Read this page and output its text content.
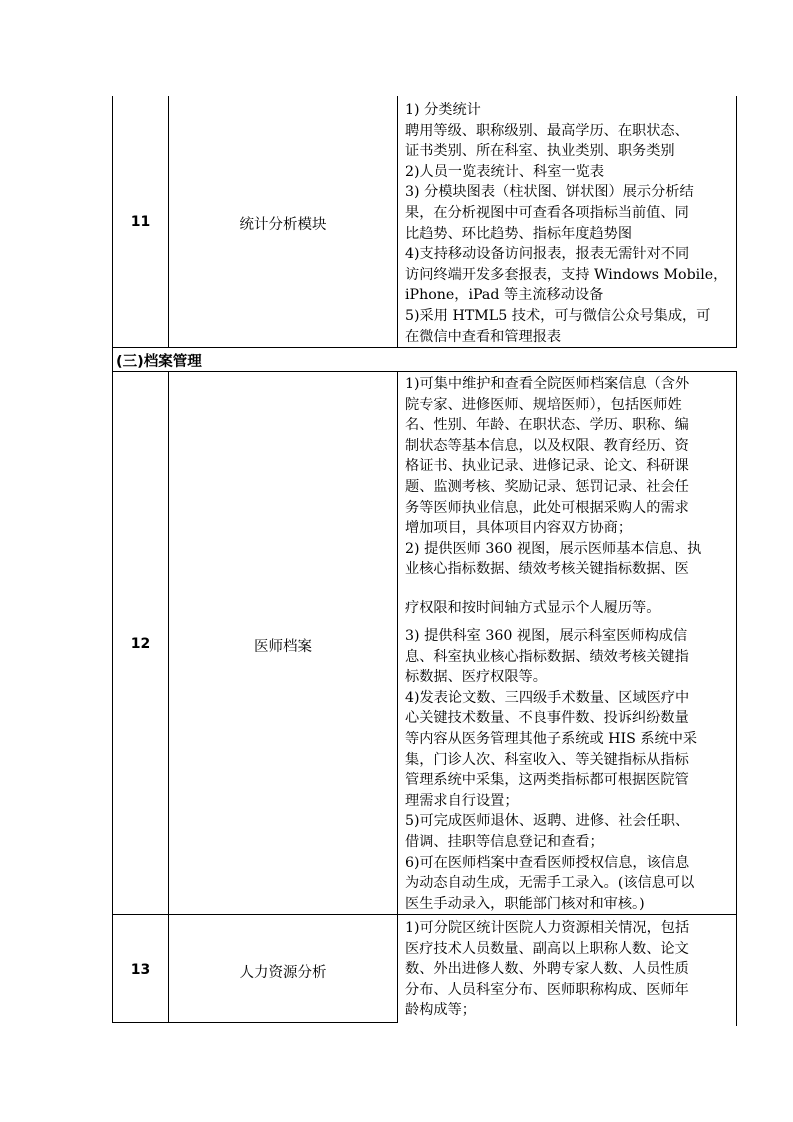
11	统计分析模块
1) 分类统计
聘用等级、职称级别、最高学历、在职状态、
证书类别、所在科室、执业类别、职务类别
2)人员一览表统计、科室一览表
3) 分模块图表（柱状图、饼状图）展示分析结
果，在分析视图中可查看各项指标当前值、同
比趋势、环比趋势、指标年度趋势图
4)支持移动设备访问报表，报表无需针对不同
访问终端开发多套报表，支持 Windows Mobile，
iPhone，iPad 等主流移动设备
5)采用 HTML5 技术，可与微信公众号集成，可
在微信中查看和管理报表
(三)档案管理
12	医师档案
1)可集中维护和查看全院医师档案信息（含外
院专家、进修医师、规培医师），包括医师姓
名、性别、年龄、在职状态、学历、职称、编
制状态等基本信息，以及权限、教育经历、资
格证书、执业记录、进修记录、论文、科研课
题、监测考核、奖励记录、惩罚记录、社会任
务等医师执业信息，此处可根据采购人的需求
增加项目，具体项目内容双方协商；
2) 提供医师 360 视图，展示医师基本信息、执
业核心指标数据、绩效考核关键指标数据、医
疗权限和按时间轴方式显示个人履历等。
3) 提供科室 360 视图，展示科室医师构成信
息、科室执业核心指标数据、绩效考核关键指
标数据、医疗权限等。
4)发表论文数、三四级手术数量、区域医疗中
心关键技术数量、不良事件数、投诉纠纷数量
等内容从医务管理其他子系统或 HIS 系统中采
集，门诊人次、科室收入、等关键指标从指标
管理系统中采集，这两类指标都可根据医院管
理需求自行设置；
5)可完成医师退休、返聘、进修、社会任职、
借调、挂职等信息登记和查看；
6)可在医师档案中查看医师授权信息，该信息
为动态自动生成，无需手工录入。(该信息可以
医生手动录入，职能部门核对和审核。)
13	人力资源分析
1)可分院区统计医院人力资源相关情况，包括
医疗技术人员数量、副高以上职称人数、论文
数、外出进修人数、外聘专家人数、人员性质
分布、人员科室分布、医师职称构成、医师年
龄构成等；
